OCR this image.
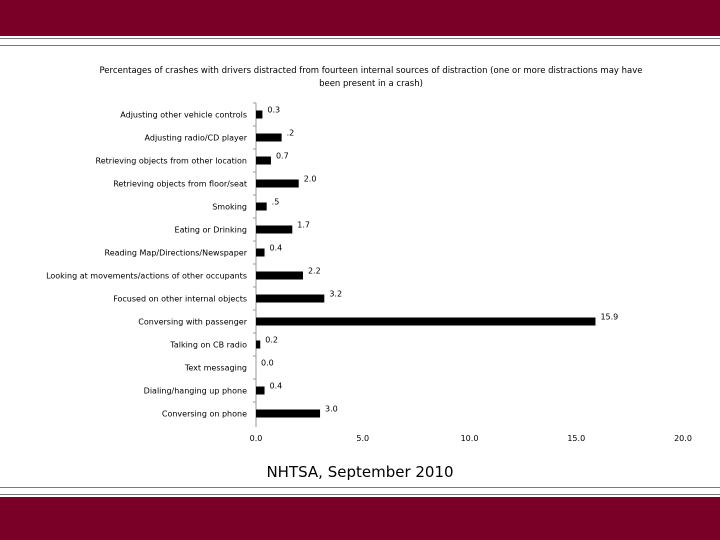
Percentages of crashes with drivers distracted from fourteen internal sources of distraction (one or more distractions may have been present in a crash)
0.0	5.0	10.0	15.0	20.0
Adjusting other vehicle controls
0.3
Adjusting radio/CD player
.2
Retrieving objects from other location
0.7
Retrieving objects from floor/seat
2.0
Smoking
.5
Eating or Drinking
1.7
Reading Map/Directions/Newspaper
0.4
Looking at movements/actions of other occupants
2.2
Focused on other internal objects
3.2
Conversing with passenger
15.9
Talking on CB radio
0.2
Text messaging
0.0
Dialing/hanging up phone
0.4
Conversing on phone
3.0
NHTSA, September 2010
